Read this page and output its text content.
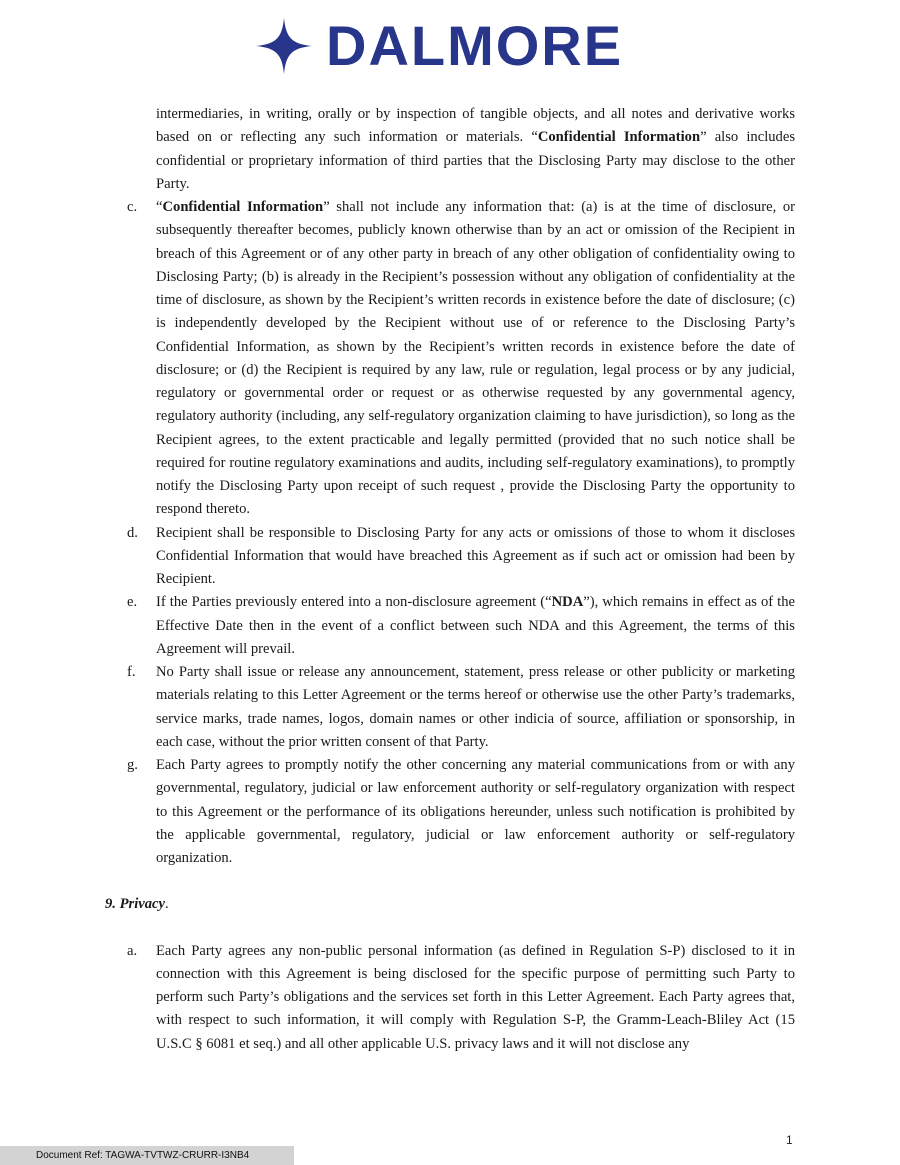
DALMORE

intermediaries, in writing, orally or by inspection of tangible objects, and all notes and derivative works based on or reflecting any such information or materials. “Confidential Information” also includes confidential or proprietary information of third parties that the Disclosing Party may disclose to the other Party.

c.	“Confidential Information” shall not include any information that: (a) is at the time of disclosure, or subsequently thereafter becomes, publicly known otherwise than by an act or omission of the Recipient in breach of this Agreement or of any other party in breach of any other obligation of confidentiality owing to Disclosing Party; (b) is already in the Recipient’s possession without any obligation of confidentiality at the time of disclosure, as shown by the Recipient’s written records in existence before the date of disclosure; (c) is independently developed by the Recipient without use of or reference to the Disclosing Party’s Confidential Information, as shown by the Recipient’s written records in existence before the date of disclosure; or (d) the Recipient is required by any law, rule or regulation, legal process or by any judicial, regulatory or governmental order or request or as otherwise requested by any governmental agency, regulatory authority (including, any self-regulatory organization claiming to have jurisdiction), so long as the Recipient agrees, to the extent practicable and legally permitted (provided that no such notice shall be required for routine regulatory examinations and audits, including self-regulatory examinations), to promptly notify the Disclosing Party upon receipt of such request , provide the Disclosing Party the opportunity to respond thereto.
d.	Recipient shall be responsible to Disclosing Party for any acts or omissions of those to whom it discloses Confidential Information that would have breached this Agreement as if such act or omission had been by Recipient.
e.	If the Parties previously entered into a non-disclosure agreement (“NDA”), which remains in effect as of the Effective Date then in the event of a conflict between such NDA and this Agreement, the terms of this Agreement will prevail.
f.	No Party shall issue or release any announcement, statement, press release or other publicity or marketing materials relating to this Letter Agreement or the terms hereof or otherwise use the other Party’s trademarks, service marks, trade names, logos, domain names or other indicia of source, affiliation or sponsorship, in each case, without the prior written consent of that Party.
g.	Each Party agrees to promptly notify the other concerning any material communications from or with any governmental, regulatory, judicial or law enforcement authority or self-regulatory organization with respect to this Agreement or the performance of its obligations hereunder, unless such notification is prohibited by the applicable governmental, regulatory, judicial or law enforcement authority or self-regulatory organization.

9. Privacy.

a.	Each Party agrees any non-public personal information (as defined in Regulation S-P) disclosed to it in connection with this Agreement is being disclosed for the specific purpose of permitting such Party to perform such Party’s obligations and the services set forth in this Letter Agreement. Each Party agrees that, with respect to such information, it will comply with Regulation S-P, the Gramm-Leach-Bliley Act (15 U.S.C § 6081 et seq.) and all other applicable U.S. privacy laws and it will not disclose any
1
Document Ref: TAGWA-TVTWZ-CRURR-I3NB4
